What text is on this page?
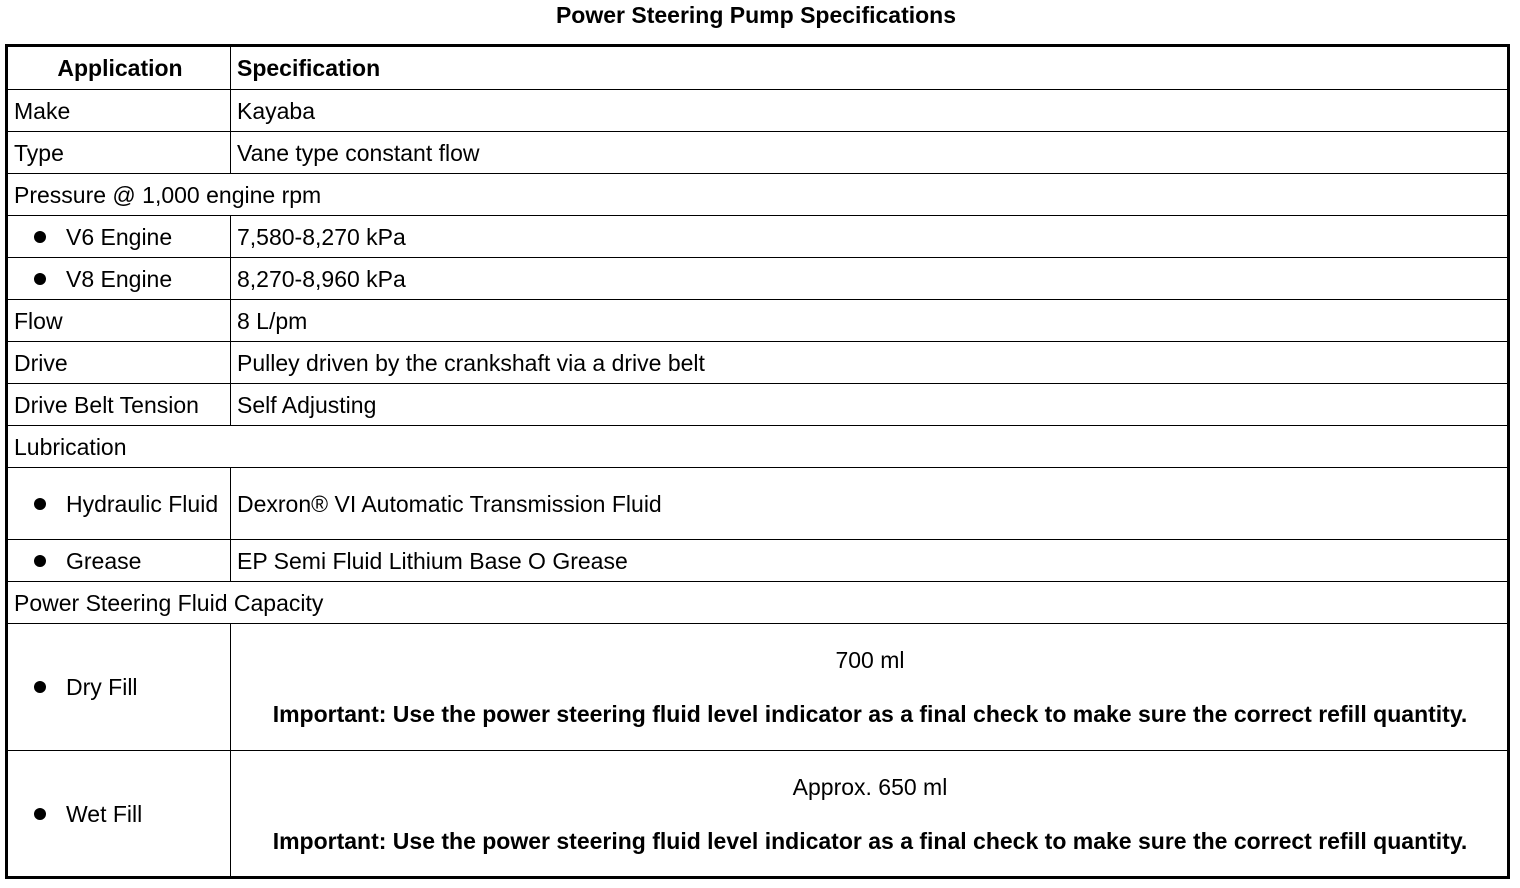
Power Steering Pump Specifications
Application	Specification
Make	Kayaba
Type	Vane type constant flow
Pressure @ 1,000 engine rpm	

V6 Engine	7,580-8,270 kPa

V8 Engine	8,270-8,960 kPa
Flow	8 L/pm
Drive	Pulley driven by the crankshaft via a drive belt
Drive Belt Tension	Self Adjusting
Lubrication	

Hydraulic Fluid	Dexron® VI Automatic Transmission Fluid

Grease	EP Semi Fluid Lithium Base O Grease
Power Steering Fluid Capacity	

Dry Fill	700 ml
Important: Use the power steering fluid level indicator as a final check to make sure the correct refill quantity.

Wet Fill	Approx. 650 ml
Important: Use the power steering fluid level indicator as a final check to make sure the correct refill quantity.
